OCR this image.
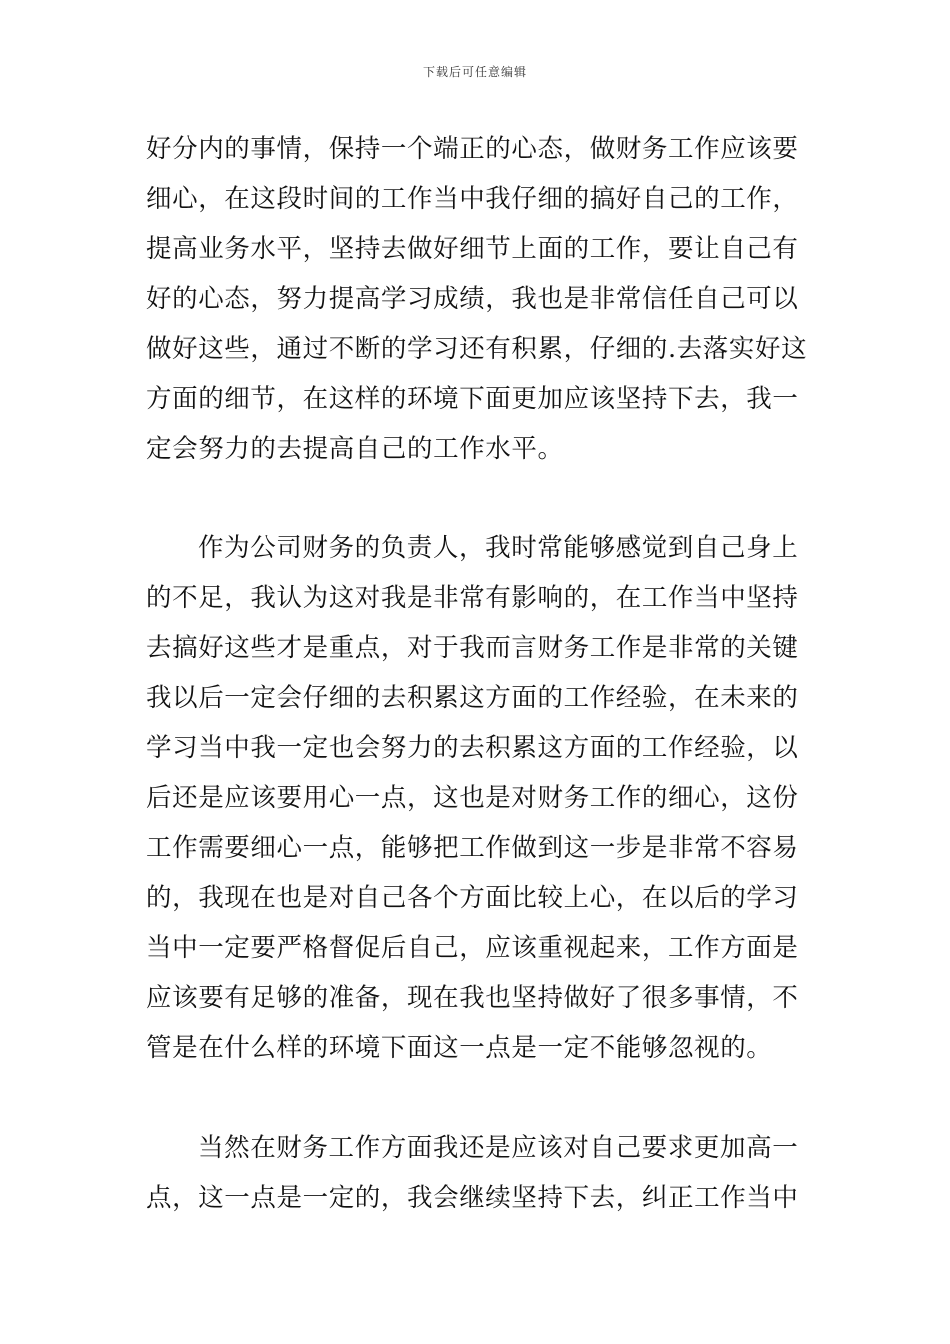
下载后可任意编辑
好分内的事情，保持一个端正的心态，做财务工作应该要
细心，在这段时间的工作当中我仔细的搞好自己的工作，
提高业务水平，坚持去做好细节上面的工作，要让自己有
好的心态，努力提高学习成绩，我也是非常信任自己可以
做好这些，通过不断的学习还有积累，仔细的.去落实好这
方面的细节，在这样的环境下面更加应该坚持下去，我一
定会努力的去提高自己的工作水平。
作为公司财务的负责人，我时常能够感觉到自己身上
的不足，我认为这对我是非常有影响的，在工作当中坚持
去搞好这些才是重点，对于我而言财务工作是非常的关键
我以后一定会仔细的去积累这方面的工作经验，在未来的
学习当中我一定也会努力的去积累这方面的工作经验，以
后还是应该要用心一点，这也是对财务工作的细心，这份
工作需要细心一点，能够把工作做到这一步是非常不容易
的，我现在也是对自己各个方面比较上心，在以后的学习
当中一定要严格督促后自己，应该重视起来，工作方面是
应该要有足够的准备，现在我也坚持做好了很多事情，不
管是在什么样的环境下面这一点是一定不能够忽视的。
当然在财务工作方面我还是应该对自己要求更加高一
点，这一点是一定的，我会继续坚持下去，纠正工作当中
